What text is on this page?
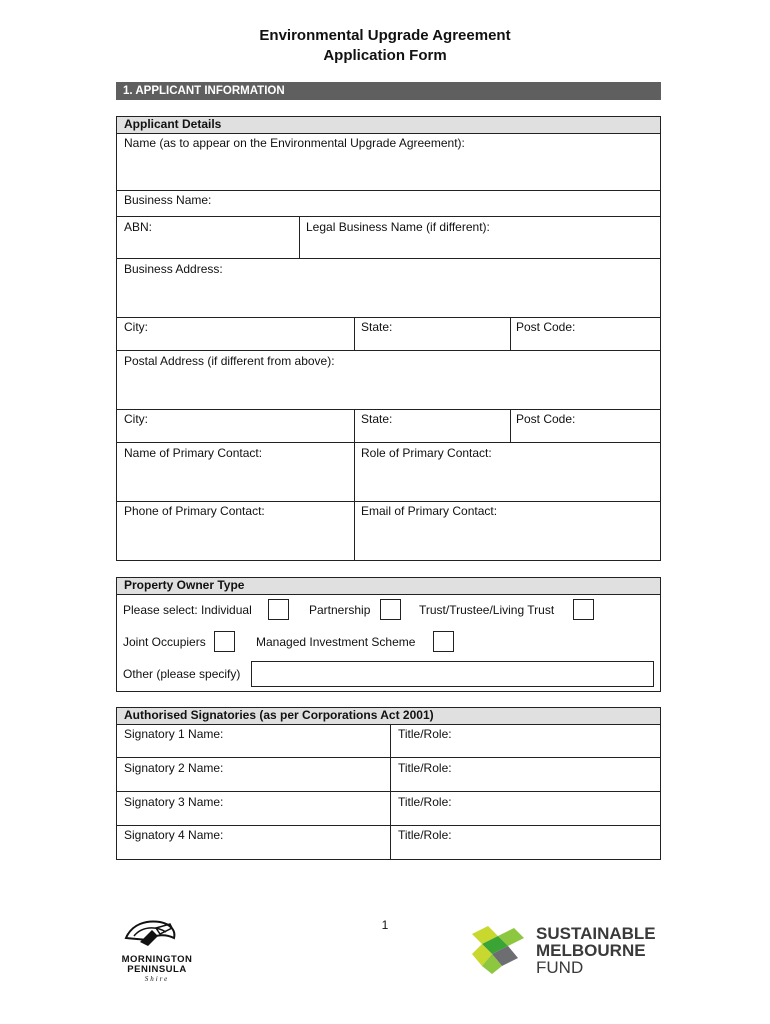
Environmental Upgrade Agreement
Application Form
1. APPLICANT INFORMATION
Applicant Details
Name (as to appear on the Environmental Upgrade Agreement):
Business Name:
ABN:	Legal Business Name (if different):
Business Address:
City:	State:	Post Code:
Postal Address (if different from above):
City:	State:	Post Code:
Name of Primary Contact:	Role of Primary Contact:
Phone of Primary Contact:	Email of Primary Contact:
Property Owner Type
Please select: Individual	Partnership	Trust/Trustee/Living Trust
Joint Occupiers	Managed Investment Scheme
Other (please specify)
Authorised Signatories (as per Corporations Act 2001)
Signatory 1 Name:	Title/Role:
Signatory 2 Name:	Title/Role:
Signatory 3 Name:	Title/Role:
Signatory 4 Name:	Title/Role:
1
MORNINGTON
PENINSULA
Shire
SUSTAINABLE
MELBOURNE
FUND
